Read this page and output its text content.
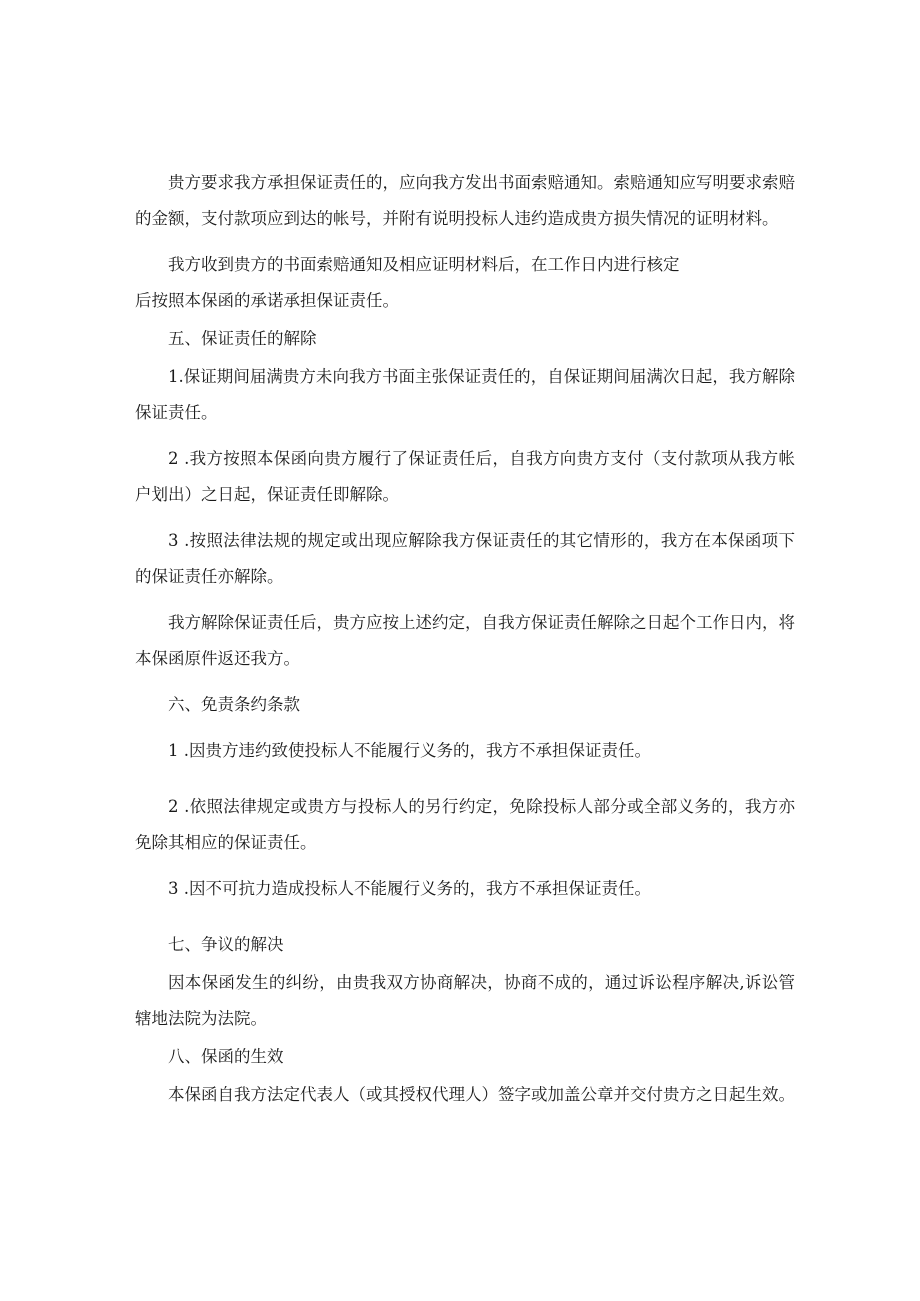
贵方要求我方承担保证责任的，应向我方发出书面索赔通知。索赔通知应写明要求索赔的金额，支付款项应到达的帐号，并附有说明投标人违约造成贵方损失情况的证明材料。

我方收到贵方的书面索赔通知及相应证明材料后，在工作日内进行核定

后按照本保函的承诺承担保证责任。

五、保证责任的解除

1.保证期间届满贵方未向我方书面主张保证责任的，自保证期间届满次日起，我方解除保证责任。

2 .我方按照本保函向贵方履行了保证责任后，自我方向贵方支付（支付款项从我方帐户划出）之日起，保证责任即解除。

3 .按照法律法规的规定或出现应解除我方保证责任的其它情形的，我方在本保函项下的保证责任亦解除。

我方解除保证责任后，贵方应按上述约定，自我方保证责任解除之日起个工作日内，将本保函原件返还我方。

六、免责条约条款

1 .因贵方违约致使投标人不能履行义务的，我方不承担保证责任。

2 .依照法律规定或贵方与投标人的另行约定，免除投标人部分或全部义务的，我方亦免除其相应的保证责任。

3 .因不可抗力造成投标人不能履行义务的，我方不承担保证责任。

七、争议的解决

因本保函发生的纠纷，由贵我双方协商解决，协商不成的，通过诉讼程序解决,诉讼管辖地法院为法院。

八、保函的生效

本保函自我方法定代表人（或其授权代理人）签字或加盖公章并交付贵方之日起生效。
